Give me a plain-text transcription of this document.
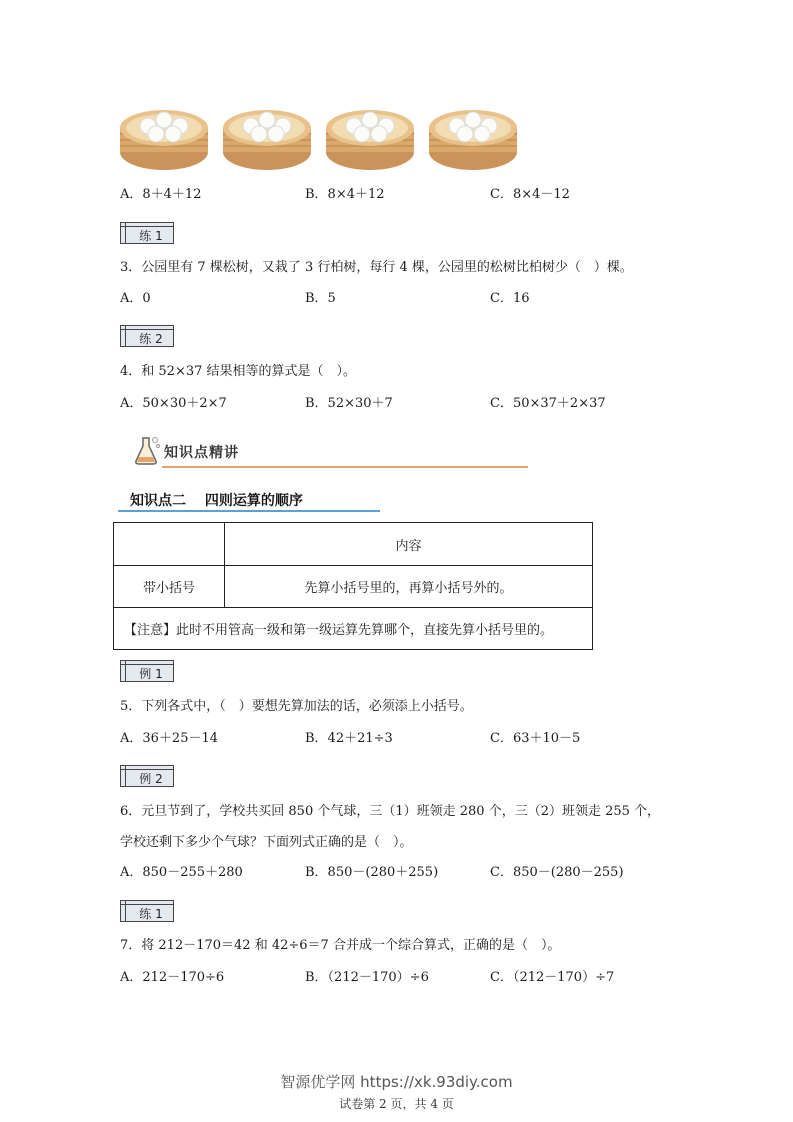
A．8＋4＋12	B．8×4＋12	C．8×4－12
练 1
3．公园里有 7 棵松树，又栽了 3 行柏树，每行 4 棵，公园里的松树比柏树少（　）棵。
A．0	B．5	C．16
练 2
4．和 52×37 结果相等的算式是（　）。
A．50×30＋2×7	B．52×30＋7	C．50×37＋2×37
知识点精讲
知识点二 四则运算的顺序
	内容
带小括号	先算小括号里的，再算小括号外的。
【注意】此时不用管高一级和第一级运算先算哪个，直接先算小括号里的。	
例 1
5．下列各式中，（　）要想先算加法的话，必须添上小括号。
A．36＋25－14	B．42＋21÷3	C．63＋10－5
例 2
6．元旦节到了，学校共买回 850 个气球，三（1）班领走 280 个，三（2）班领走 255 个，
学校还剩下多少个气球？下面列式正确的是（　）。
A．850－255＋280	B．850－(280＋255)	C．850－(280－255)
练 1
7．将 212－170＝42 和 42÷6＝7 合并成一个综合算式，正确的是（　）。
A．212－170÷6	B．（212－170）÷6	C．（212－170）÷7
智源优学网 https://xk.93diy.com
试卷第 2 页，共 4 页
